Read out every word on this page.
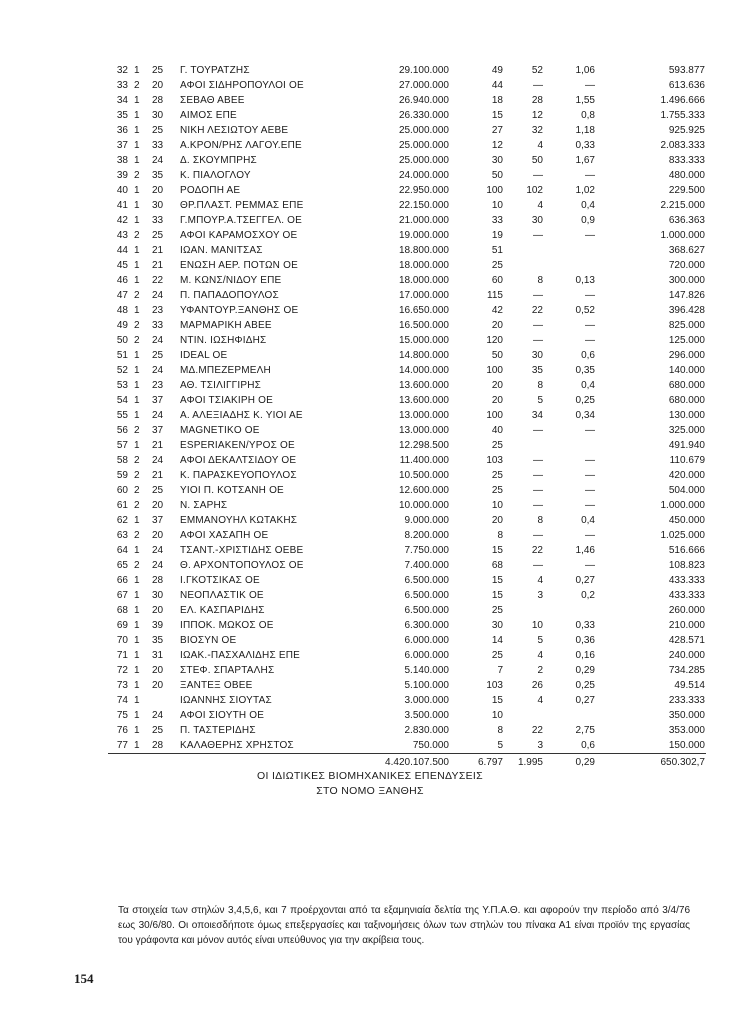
32	1	25	Γ. ΤΟΥΡΑΤΖΗΣ	29.100.000	49	52	1,06	593.877
33	2	20	ΑΦΟΙ ΣΙΔΗΡΟΠΟΥΛΟΙ ΟΕ	27.000.000	44	—	—	613.636
34	1	28	ΣΕΒΑΘ ΑΒΕΕ	26.940.000	18	28	1,55	1.496.666
35	1	30	ΑΙΜΟΣ ΕΠΕ	26.330.000	15	12	0,8	1.755.333
36	1	25	ΝΙΚΗ ΛΕΣΙΩΤΟΥ ΑΕΒΕ	25.000.000	27	32	1,18	925.925
37	1	33	Α.ΚΡΟΝ/ΡΗΣ ΛΑΓΟΥ.ΕΠΕ	25.000.000	12	4	0,33	2.083.333
38	1	24	Δ. ΣΚΟΥΜΠΡΗΣ	25.000.000	30	50	1,67	833.333
39	2	35	Κ. ΠΙΑΛΟΓΛΟΥ	24.000.000	50	—	—	480.000
40	1	20	ΡΟΔΟΠΗ ΑΕ	22.950.000	100	102	1,02	229.500
41	1	30	ΘΡ.ΠΛΑΣΤ. ΡΕΜΜΑΣ ΕΠΕ	22.150.000	10	4	0,4	2.215.000
42	1	33	Γ.ΜΠΟΥΡ.Α.ΤΣΕΓΓΕΛ. ΟΕ	21.000.000	33	30	0,9	636.363
43	2	25	ΑΦΟΙ ΚΑΡΑΜΟΣΧΟΥ ΟΕ	19.000.000	19	—	—	1.000.000
44	1	21	ΙΩΑΝ. ΜΑΝΙΤΣΑΣ	18.800.000	51			368.627
45	1	21	ΕΝΩΣΗ ΑΕΡ. ΠΟΤΩΝ ΟΕ	18.000.000	25			720.000
46	1	22	Μ. ΚΩΝΣ/ΝΙΔΟΥ ΕΠΕ	18.000.000	60	8	0,13	300.000
47	2	24	Π. ΠΑΠΑΔΟΠΟΥΛΟΣ	17.000.000	115	—	—	147.826
48	1	23	ΥΦΑΝΤΟΥΡ.ΞΑΝΘΗΣ ΟΕ	16.650.000	42	22	0,52	396.428
49	2	33	ΜΑΡΜΑΡΙΚΗ ΑΒΕΕ	16.500.000	20	—	—	825.000
50	2	24	ΝΤΙΝ. ΙΩΣΗΦΙΔΗΣ	15.000.000	120	—	—	125.000
51	1	25	IDEAL ΟΕ	14.800.000	50	30	0,6	296.000
52	1	24	ΜΔ.ΜΠΕΖΕΡΜΕΛΗ	14.000.000	100	35	0,35	140.000
53	1	23	ΑΘ. ΤΣΙΛΙΓΓΙΡΗΣ	13.600.000	20	8	0,4	680.000
54	1	37	ΑΦΟΙ ΤΣΙΑΚΙΡΗ ΟΕ	13.600.000	20	5	0,25	680.000
55	1	24	Α. ΑΛΕΞΙΑΔΗΣ Κ. ΥΙΟΙ ΑΕ	13.000.000	100	34	0,34	130.000
56	2	37	MAGNETIKO ΟΕ	13.000.000	40	—	—	325.000
57	1	21	ESPERIAKEN/ΥΡΟΣ ΟΕ	12.298.500	25			491.940
58	2	24	ΑΦΟΙ ΔΕΚΑΛΤΣΙΔΟΥ ΟΕ	11.400.000	103	—	—	110.679
59	2	21	Κ. ΠΑΡΑΣΚΕΥΟΠΟΥΛΟΣ	10.500.000	25	—	—	420.000
60	2	25	ΥΙΟΙ Π. ΚΟΤΣΑΝΗ ΟΕ	12.600.000	25	—	—	504.000
61	2	20	Ν. ΣΑΡΗΣ	10.000.000	10	—	—	1.000.000
62	1	37	ΕΜΜΑΝΟΥΗΛ ΚΩΤΑΚΗΣ	9.000.000	20	8	0,4	450.000
63	2	20	ΑΦΟΙ ΧΑΣΑΠΗ ΟΕ	8.200.000	8	—	—	1.025.000
64	1	24	ΤΣΑΝΤ.-ΧΡΙΣΤΙΔΗΣ ΟΕΒΕ	7.750.000	15	22	1,46	516.666
65	2	24	Θ. ΑΡΧΟΝΤΟΠΟΥΛΟΣ ΟΕ	7.400.000	68	—	—	108.823
66	1	28	Ι.ΓΚΟΤΣΙΚΑΣ ΟΕ	6.500.000	15	4	0,27	433.333
67	1	30	ΝΕΟΠΛΑΣΤΙΚ ΟΕ	6.500.000	15	3	0,2	433.333
68	1	20	ΕΛ. ΚΑΣΠΑΡΙΔΗΣ	6.500.000	25			260.000
69	1	39	ΙΠΠΟΚ. ΜΩΚΟΣ ΟΕ	6.300.000	30	10	0,33	210.000
70	1	35	ΒΙΟΣΥΝ ΟΕ	6.000.000	14	5	0,36	428.571
71	1	31	ΙΩΑΚ.-ΠΑΣΧΑΛΙΔΗΣ ΕΠΕ	6.000.000	25	4	0,16	240.000
72	1	20	ΣΤΕΦ. ΣΠΑΡΤΑΛΗΣ	5.140.000	7	2	0,29	734.285
73	1	20	ΞΑΝΤΕΞ ΟΒΕΕ	5.100.000	103	26	0,25	49.514
74	1		ΙΩΑΝΝΗΣ ΣΙΟΥΤΑΣ	3.000.000	15	4	0,27	233.333
75	1	24	ΑΦΟΙ ΣΙΟΥΤΗ ΟΕ	3.500.000	10			350.000
76	1	25	Π. ΤΑΣΤΕΡΙΔΗΣ	2.830.000	8	22	2,75	353.000
77	1	28	ΚΑΛΑΘΕΡΗΣ ΧΡΗΣΤΟΣ	750.000	5	3	0,6	150.000
				4.420.107.500	6.797	1.995	0,29	650.302,7
ΟΙ ΙΔΙΩΤΙΚΕΣ ΒΙΟΜΗΧΑΝΙΚΕΣ ΕΠΕΝΔΥΣΕΙΣ
ΣΤΟ ΝΟΜΟ ΞΑΝΘΗΣ
Τα στοιχεία των στηλών 3,4,5,6, και 7 προέρχονται από τα εξαμηνιαία δελτία της Υ.Π.Α.Θ. και αφορούν την περίοδο από 3/4/76 εως 30/6/80. Οι οποιεσδήποτε όμως επεξεργασίες και ταξινομήσεις όλων των στηλών του πίνακα Α1 είναι προϊόν της εργασίας του γράφοντα και μόνον αυτός είναι υπεύθυνος για την ακρίβεια τους.
154
